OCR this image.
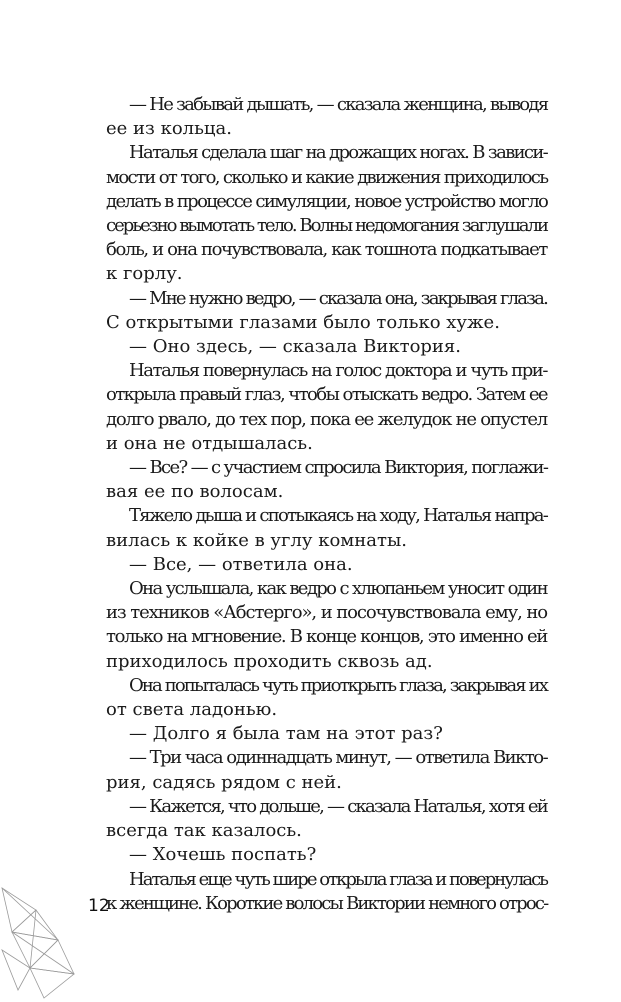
— Не забывай дышать, — сказала женщина, выводя
ее из кольца.
Наталья сделала шаг на дрожащих ногах. В зависи-
мости от того, сколько и какие движения приходилось
делать в процессе симуляции, новое устройство могло
серьезно вымотать тело. Волны недомогания заглушали
боль, и она почувствовала, как тошнота подкатывает
к горлу.
— Мне нужно ведро, — сказала она, закрывая глаза.
С открытыми глазами было только хуже.
— Оно здесь, — сказала Виктория.
Наталья повернулась на голос доктора и чуть при-
открыла правый глаз, чтобы отыскать ведро. Затем ее
долго рвало, до тех пор, пока ее желудок не опустел
и она не отдышалась.
— Все? — с участием спросила Виктория, поглажи-
вая ее по волосам.
Тяжело дыша и спотыкаясь на ходу, Наталья напра-
вилась к койке в углу комнаты.
— Все, — ответила она.
Она услышала, как ведро с хлюпаньем уносит один
из техников «Абстерго», и посочувствовала ему, но
только на мгновение. В конце концов, это именно ей
приходилось проходить сквозь ад.
Она попыталась чуть приоткрыть глаза, закрывая их
от света ладонью.
— Долго я была там на этот раз?
— Три часа одиннадцать минут, — ответила Викто-
рия, садясь рядом с ней.
— Кажется, что дольше, — сказала Наталья, хотя ей
всегда так казалось.
— Хочешь поспать?
Наталья еще чуть шире открыла глаза и повернулась
к женщине. Короткие волосы Виктории немного отрос-
12
